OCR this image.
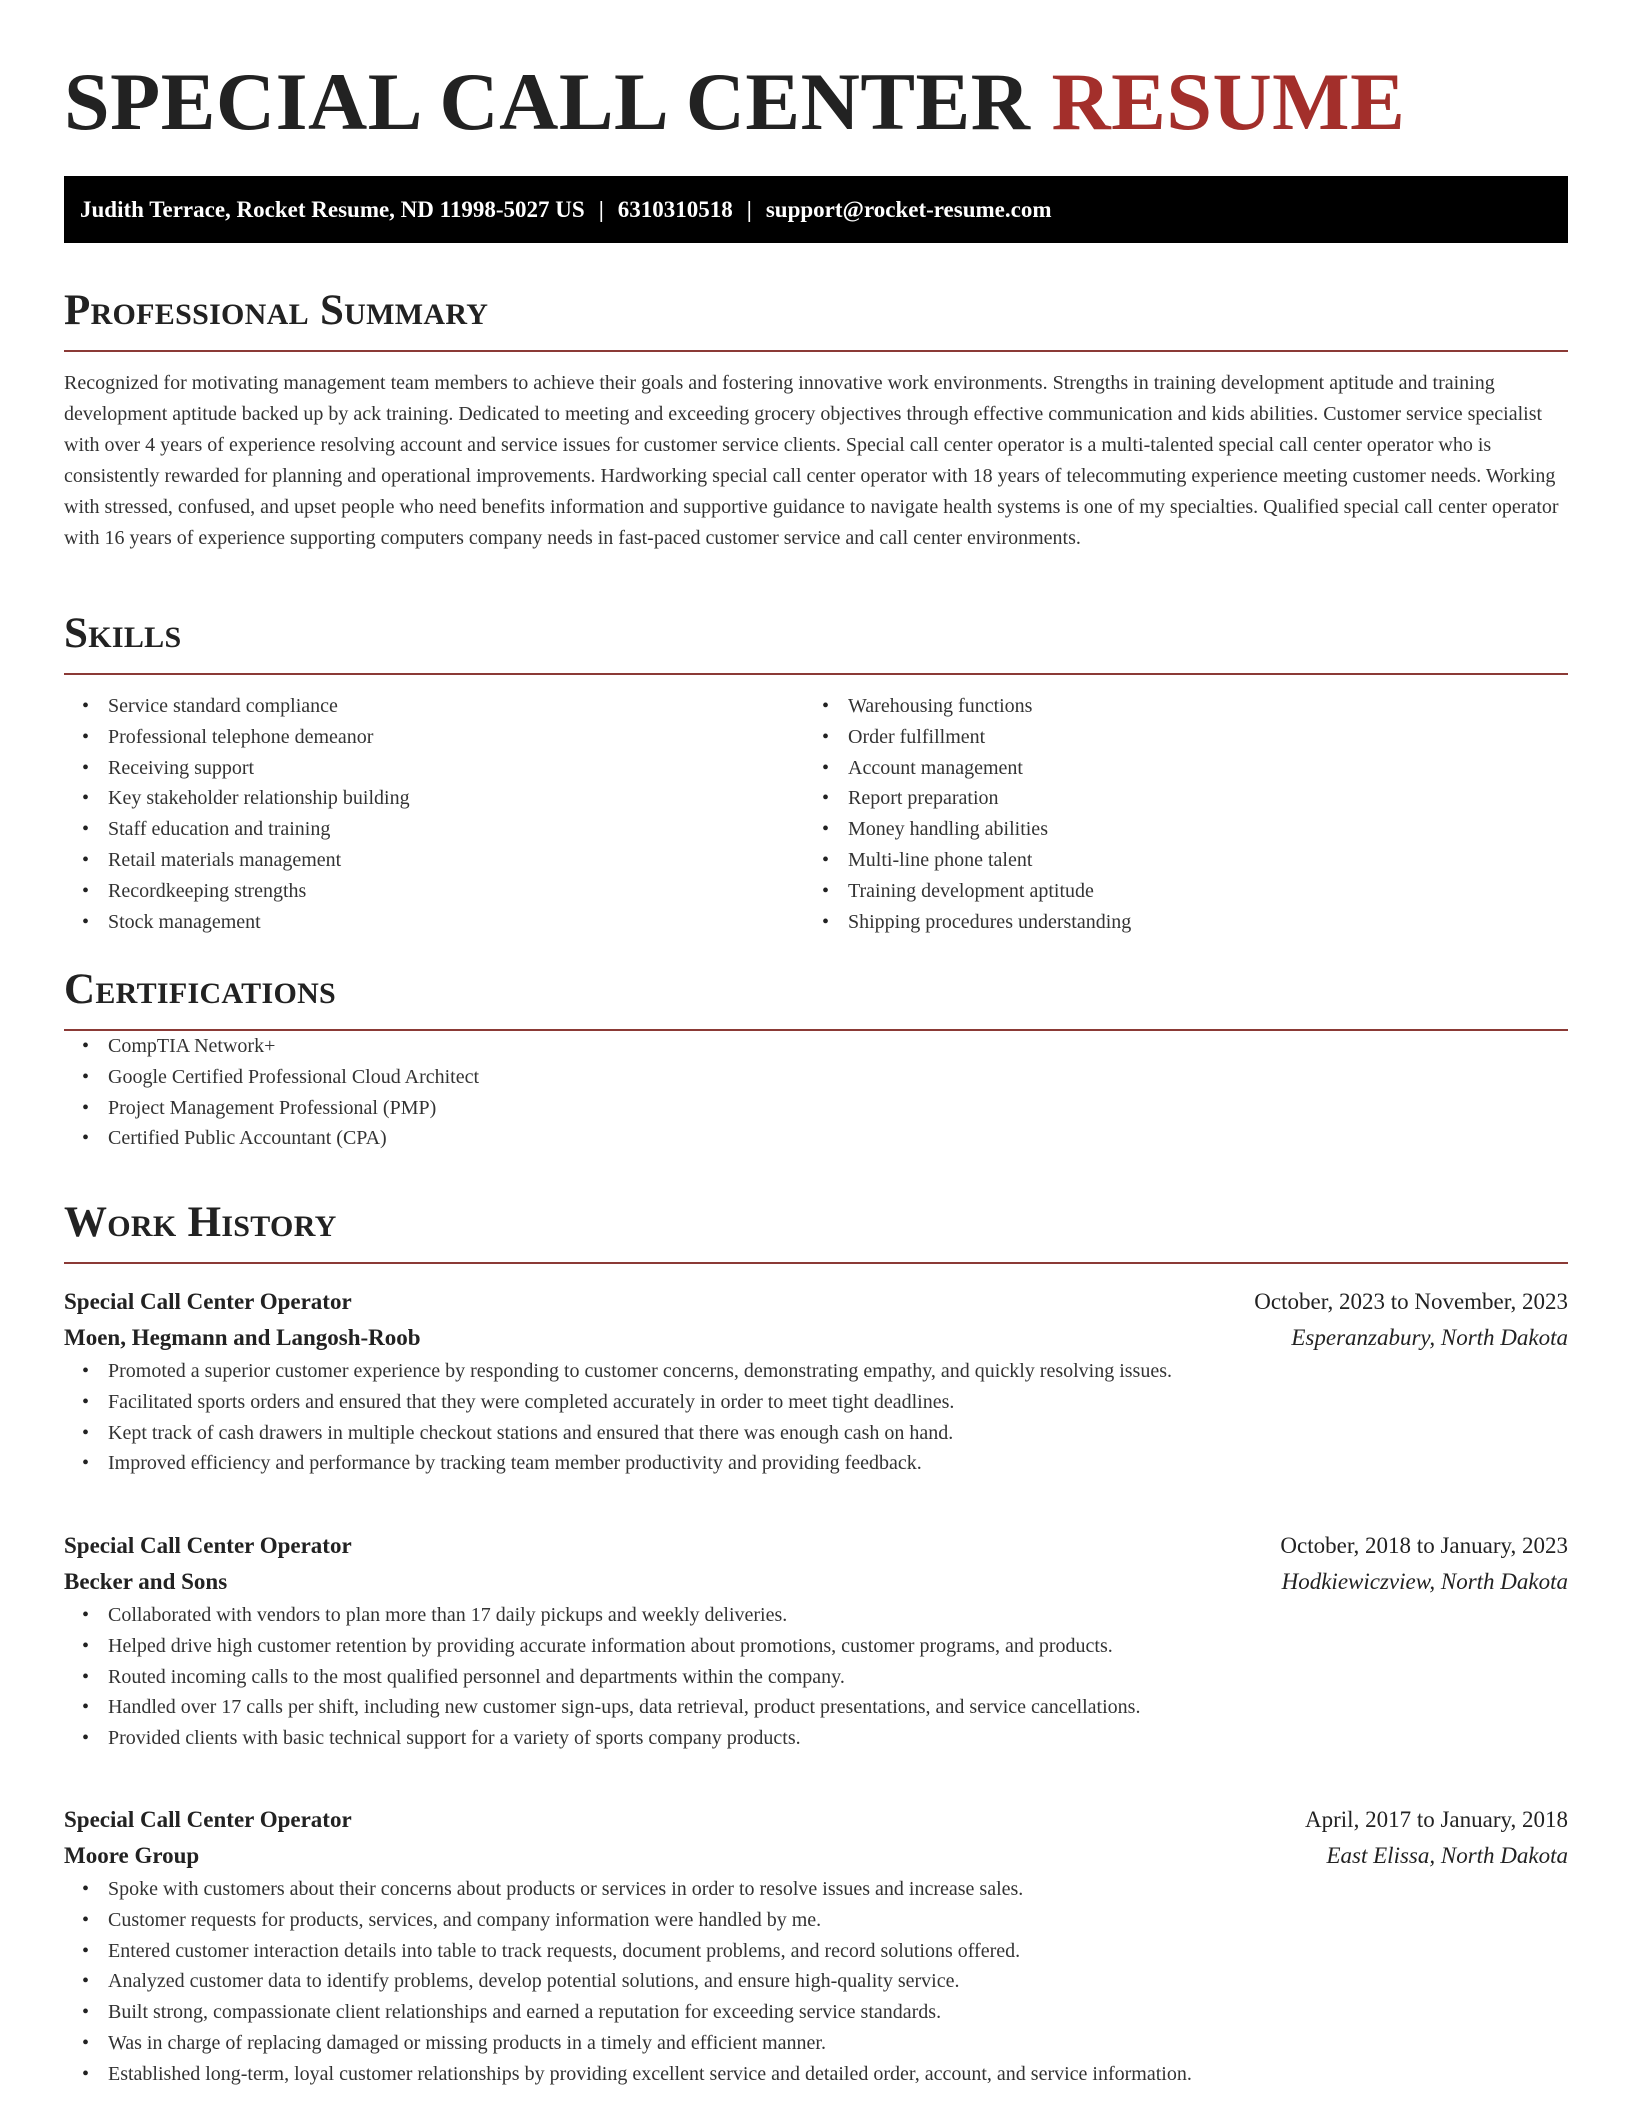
SPECIAL CALL CENTER RESUME
Judith Terrace, Rocket Resume, ND 11998-5027 US | 6310310518 | support@rocket-resume.com
Professional Summary

Recognized for motivating management team members to achieve their goals and fostering innovative work environments. Strengths in training development aptitude and training development aptitude backed up by ack training. Dedicated to meeting and exceeding grocery objectives through effective communication and kids abilities. Customer service specialist with over 4 years of experience resolving account and service issues for customer service clients. Special call center operator is a multi-talented special call center operator who is consistently rewarded for planning and operational improvements. Hardworking special call center operator with 18 years of telecommuting experience meeting customer needs. Working with stressed, confused, and upset people who need benefits information and supportive guidance to navigate health systems is one of my specialties. Qualified special call center operator with 16 years of experience supporting computers company needs in fast-paced customer service and call center environments.

Skills
• Service standard compliance
• Professional telephone demeanor
• Receiving support
• Key stakeholder relationship building
• Staff education and training
• Retail materials management
• Recordkeeping strengths
• Stock management
• Warehousing functions
• Order fulfillment
• Account management
• Report preparation
• Money handling abilities
• Multi-line phone talent
• Training development aptitude
• Shipping procedures understanding
Certifications
• CompTIA Network+
• Google Certified Professional Cloud Architect
• Project Management Professional (PMP)
• Certified Public Accountant (CPA)
Work History
Special Call Center Operator	October, 2023 to November, 2023
Moen, Hegmann and Langosh-Roob	Esperanzabury, North Dakota
• Promoted a superior customer experience by responding to customer concerns, demonstrating empathy, and quickly resolving issues.
• Facilitated sports orders and ensured that they were completed accurately in order to meet tight deadlines.
• Kept track of cash drawers in multiple checkout stations and ensured that there was enough cash on hand.
• Improved efficiency and performance by tracking team member productivity and providing feedback.
Special Call Center Operator	October, 2018 to January, 2023
Becker and Sons	Hodkiewiczview, North Dakota
• Collaborated with vendors to plan more than 17 daily pickups and weekly deliveries.
• Helped drive high customer retention by providing accurate information about promotions, customer programs, and products.
• Routed incoming calls to the most qualified personnel and departments within the company.
• Handled over 17 calls per shift, including new customer sign-ups, data retrieval, product presentations, and service cancellations.
• Provided clients with basic technical support for a variety of sports company products.
Special Call Center Operator	April, 2017 to January, 2018
Moore Group	East Elissa, North Dakota
• Spoke with customers about their concerns about products or services in order to resolve issues and increase sales.
• Customer requests for products, services, and company information were handled by me.
• Entered customer interaction details into table to track requests, document problems, and record solutions offered.
• Analyzed customer data to identify problems, develop potential solutions, and ensure high-quality service.
• Built strong, compassionate client relationships and earned a reputation for exceeding service standards.
• Was in charge of replacing damaged or missing products in a timely and efficient manner.
• Established long-term, loyal customer relationships by providing excellent service and detailed order, account, and service information.
